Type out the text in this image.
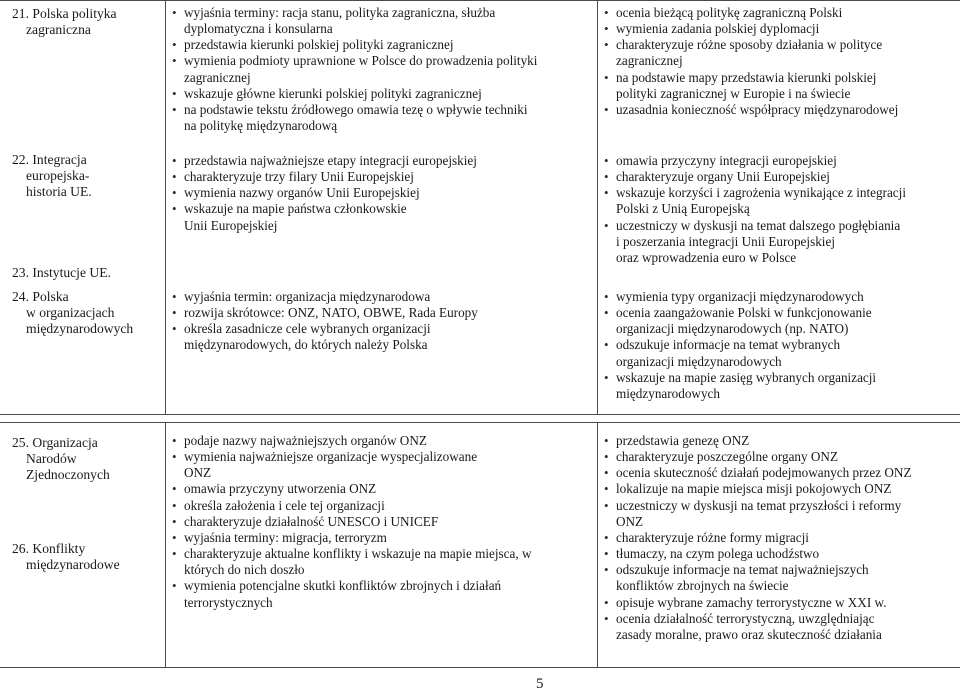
21. Polska polityka
zagraniczna
22. Integracja
europejska-
historia UE.
23. Instytucje UE.
24. Polska
w organizacjach
międzynarodowych
• wyjaśnia terminy: racja stanu, polityka zagraniczna, służba
dyplomatyczna i konsularna
• przedstawia kierunki polskiej polityki zagranicznej
• wymienia podmioty uprawnione w Polsce do prowadzenia polityki
zagranicznej
• wskazuje główne kierunki polskiej polityki zagranicznej
• na podstawie tekstu źródłowego omawia tezę o wpływie techniki
na politykę międzynarodową
• przedstawia najważniejsze etapy integracji europejskiej
• charakteryzuje trzy filary Unii Europejskiej
• wymienia nazwy organów Unii Europejskiej
• wskazuje na mapie państwa członkowskie
Unii Europejskiej
• wyjaśnia termin: organizacja międzynarodowa
• rozwija skrótowce: ONZ, NATO, OBWE, Rada Europy
• określa zasadnicze cele wybranych organizacji
międzynarodowych, do których należy Polska
• ocenia bieżącą politykę zagraniczną Polski
• wymienia zadania polskiej dyplomacji
• charakteryzuje różne sposoby działania w polityce
zagranicznej
• na podstawie mapy przedstawia kierunki polskiej
polityki zagranicznej w Europie i na świecie
• uzasadnia konieczność współpracy międzynarodowej
• omawia przyczyny integracji europejskiej
• charakteryzuje organy Unii Europejskiej
• wskazuje korzyści i zagrożenia wynikające z integracji
Polski z Unią Europejską
• uczestniczy w dyskusji na temat dalszego pogłębiania
i poszerzania integracji Unii Europejskiej
oraz wprowadzenia euro w Polsce
• wymienia typy organizacji międzynarodowych
• ocenia zaangażowanie Polski w funkcjonowanie
organizacji międzynarodowych (np. NATO)
• odszukuje informacje na temat wybranych
organizacji międzynarodowych
• wskazuje na mapie zasięg wybranych organizacji
międzynarodowych
25. Organizacja
Narodów
Zjednoczonych
26. Konflikty
międzynarodowe
• podaje nazwy najważniejszych organów ONZ
• wymienia najważniejsze organizacje wyspecjalizowane
ONZ
• omawia przyczyny utworzenia ONZ
• określa założenia i cele tej organizacji
• charakteryzuje działalność UNESCO i UNICEF
• wyjaśnia terminy: migracja, terroryzm
• charakteryzuje aktualne konflikty i wskazuje na mapie miejsca, w
których do nich doszło
• wymienia potencjalne skutki konfliktów zbrojnych i działań
terrorystycznych
• przedstawia genezę ONZ
• charakteryzuje poszczególne organy ONZ
• ocenia skuteczność działań podejmowanych przez ONZ
• lokalizuje na mapie miejsca misji pokojowych ONZ
• uczestniczy w dyskusji na temat przyszłości i reformy
ONZ
• charakteryzuje różne formy migracji
• tłumaczy, na czym polega uchodźstwo
• odszukuje informacje na temat najważniejszych
konfliktów zbrojnych na świecie
• opisuje wybrane zamachy terrorystyczne w XXI w.
• ocenia działalność terrorystyczną, uwzględniając
zasady moralne, prawo oraz skuteczność działania
5
